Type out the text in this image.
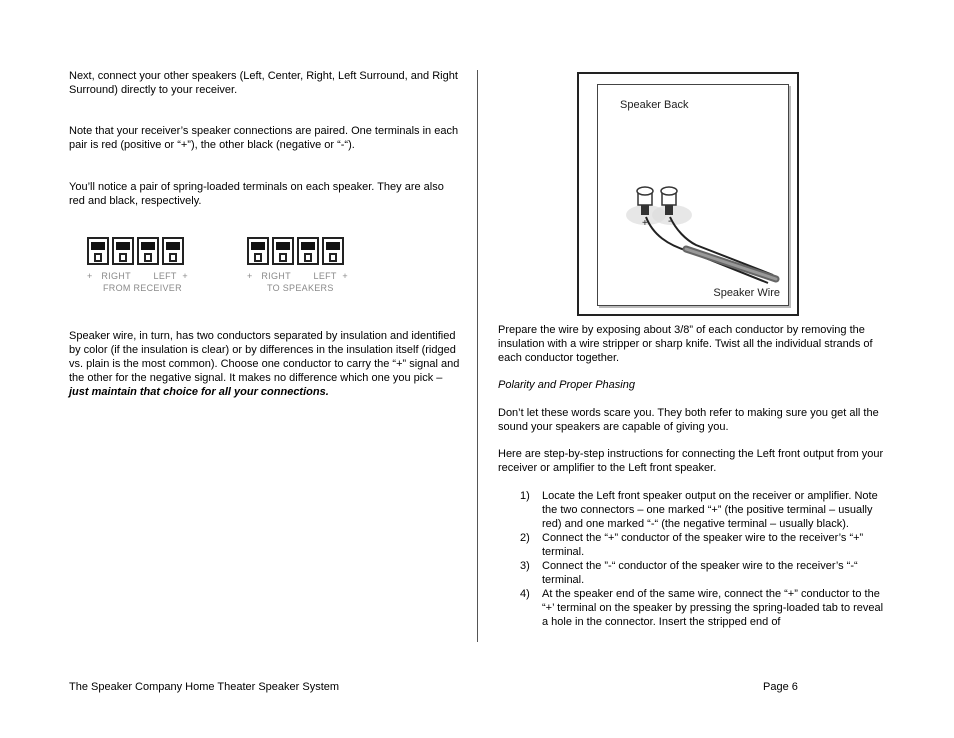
Next, connect your other speakers (Left, Center, Right, Left Surround, and Right Surround) directly to your receiver.

Note that your receiver’s speaker connections are paired. One terminals in each pair is red (positive or “+”), the other black (negative or “-“).

You’ll notice a pair of spring-loaded terminals on each speaker. They are also red and black, respectively.

+ RIGHT	LEFT +
FROM RECEIVER
+ RIGHT	LEFT +
TO SPEAKERS

Speaker wire, in turn, has two conductors separated by insulation and identified by color (if the insulation is clear) or by differences in the insulation itself (ridged vs. plain is the most common). Choose one conductor to carry the “+” signal and the other for the negative signal. It makes no difference which one you pick – just maintain that choice for all your connections.

Speaker Back
+ -
Speaker Wire

Prepare the wire by exposing about 3/8” of each conductor by removing the insulation with a wire stripper or sharp knife. Twist all the individual strands of each conductor together.

Polarity and Proper Phasing

Don’t let these words scare you. They both refer to making sure you get all the sound your speakers are capable of giving you.

Here are step-by-step instructions for connecting the Left front output from your receiver or amplifier to the Left front speaker.

1) Locate the Left front speaker output on the receiver or amplifier. Note the two connectors – one marked “+” (the positive terminal – usually red) and one marked “-“ (the negative terminal – usually black).
2) Connect the “+” conductor of the speaker wire to the receiver’s “+” terminal.
3) Connect the ”-“ conductor of the speaker wire to the receiver’s “-“ terminal.
4) At the speaker end of the same wire, connect the “+” conductor to the “+’ terminal on the speaker by pressing the spring-loaded tab to reveal a hole in the connector. Insert the stripped end of
The Speaker Company Home Theater Speaker System	Page 6
